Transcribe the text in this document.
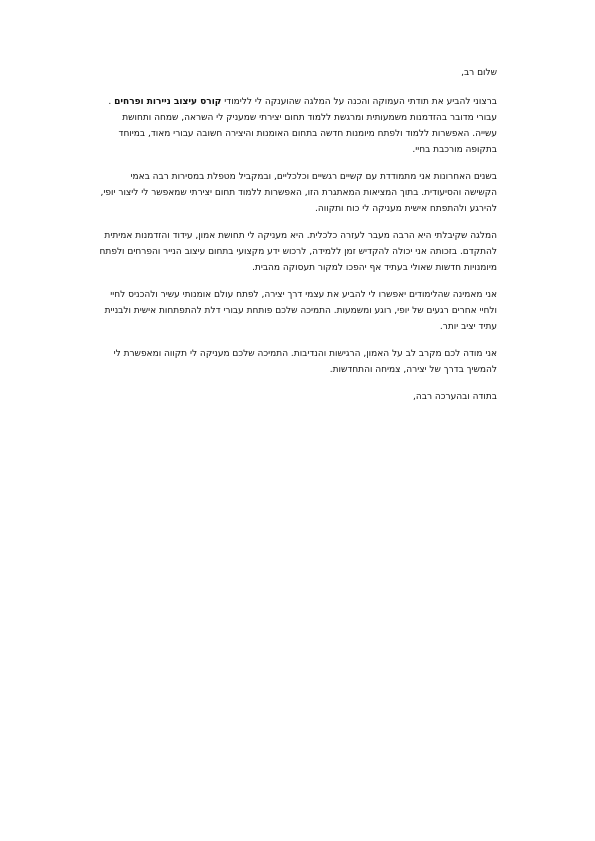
שלום רב,

ברצוני להביע את תודתי העמוקה והכנה על המלגה שהוענקה לי ללימודי קורס עיצוב ניירות ופרחים . עבורי מדובר בהזדמנות משמעותית ומרגשת ללמוד תחום יצירתי שמעניק לי השראה, שמחה ותחושת עשייה. האפשרות ללמוד ולפתח מיומנות חדשה בתחום האומנות והיצירה חשובה עבורי מאוד, במיוחד בתקופה מורכבת בחיי.

בשנים האחרונות אני מתמודדת עם קשיים רגשיים וכלכליים, ובמקביל מטפלת במסירות רבה באמי הקשישה והסיעודית. בתוך המציאות המאתגרת הזו, האפשרות ללמוד תחום יצירתי שמאפשר לי ליצור יופי, להירגע ולהתפתח אישית מעניקה לי כוח ותקווה.

המלגה שקיבלתי היא הרבה מעבר לעזרה כלכלית. היא מעניקה לי תחושת אמון, עידוד והזדמנות אמיתית להתקדם. בזכותה אני יכולה להקדיש זמן ללמידה, לרכוש ידע מקצועי בתחום עיצוב הנייר והפרחים ולפתח מיומנויות חדשות שאולי בעתיד אף יהפכו למקור תעסוקה מהבית.

אני מאמינה שהלימודים יאפשרו לי להביע את עצמי דרך יצירה, לפתח עולם אומנותי עשיר ולהכניס לחיי ולחיי אחרים רגעים של יופי, רוגע ומשמעות. התמיכה שלכם פותחת עבורי דלת להתפתחות אישית ולבניית עתיד יציב יותר.

אני מודה לכם מקרב לב על האמון, הרגישות והנדיבות. התמיכה שלכם מעניקה לי תקווה ומאפשרת לי להמשיך בדרך של יצירה, צמיחה והתחדשות.

בתודה ובהערכה רבה,
